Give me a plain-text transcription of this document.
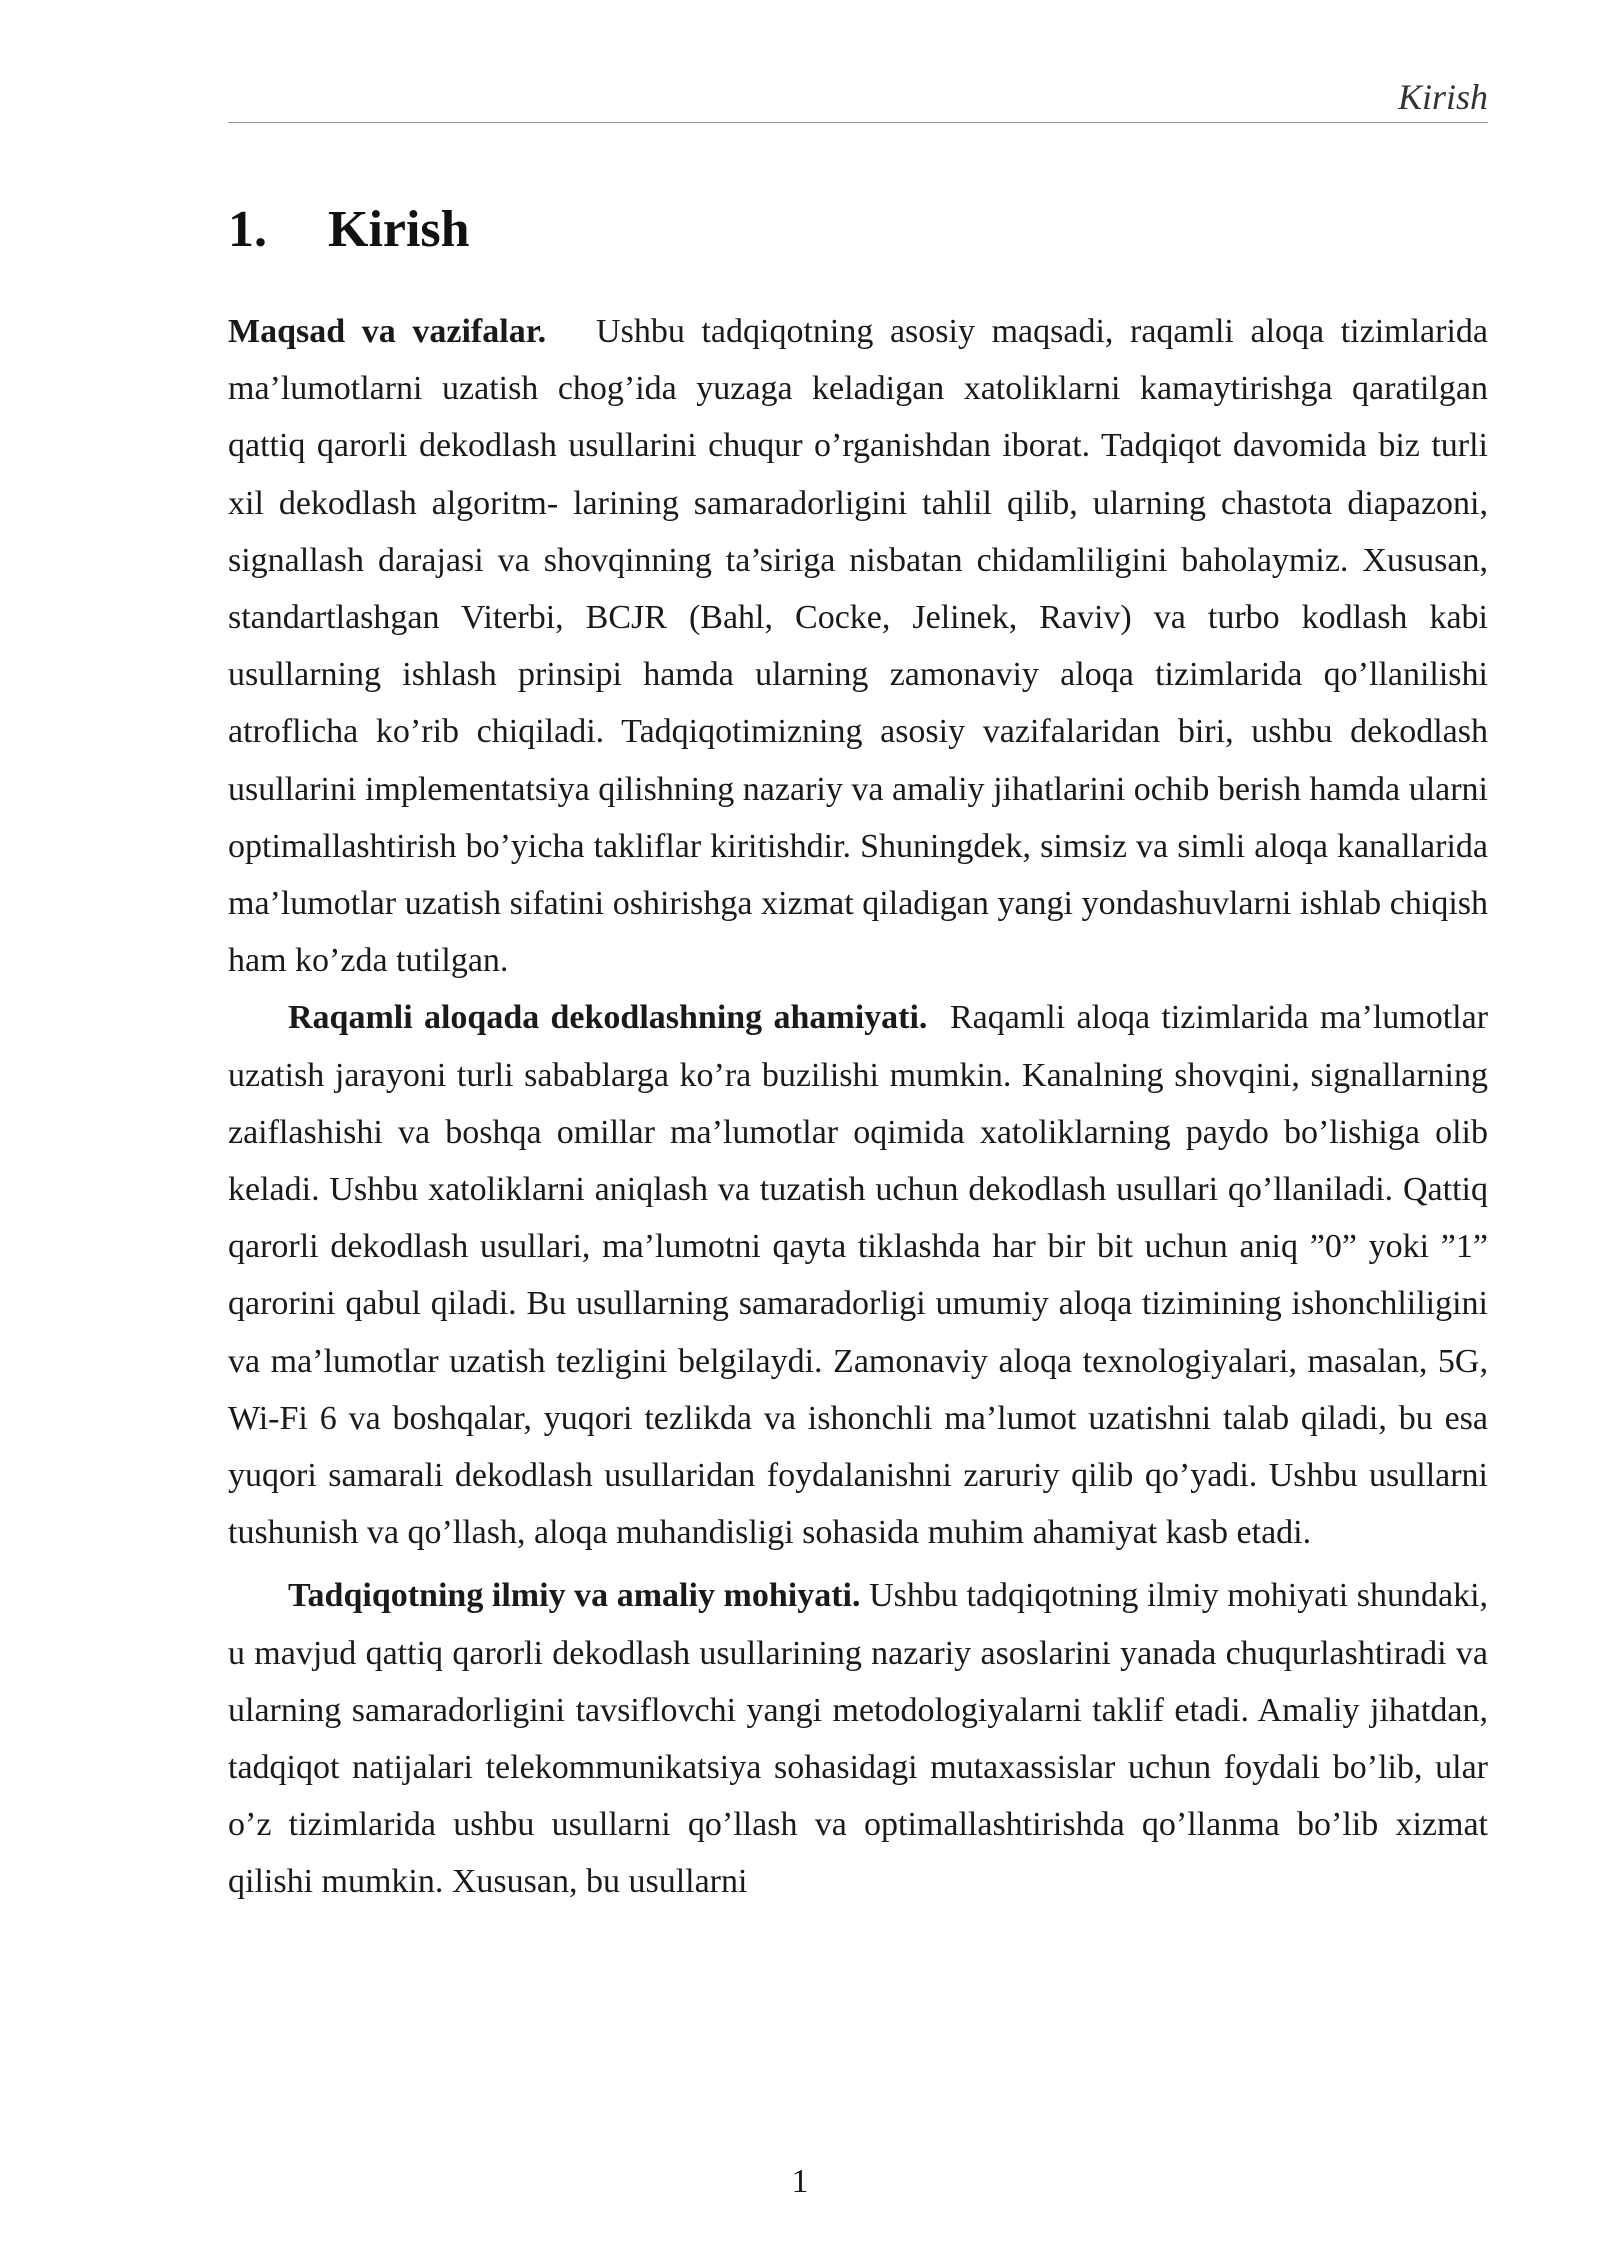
Kirish
1. Kirish

Maqsad va vazifalar. Ushbu tadqiqotning asosiy maqsadi, raqamli aloqa tizimlarida ma’lumotlarni uzatish chog’ida yuzaga keladigan xatoliklarni kamaytirishga qaratilgan qattiq qarorli dekodlash usullarini chuqur o’rganishdan iborat. Tadqiqot davomida biz turli xil dekodlash algoritm- larining samaradorligini tahlil qilib, ularning chastota diapazoni, signallash darajasi va shovqinning ta’siriga nisbatan chidamliligini baholaymiz. Xususan, standartlashgan Viterbi, BCJR (Bahl, Cocke, Jelinek, Raviv) va turbo kodlash kabi usullarning ishlash prinsipi hamda ularning zamonaviy aloqa tizimlarida qo’llanilishi atroflicha ko’rib chiqiladi. Tadqiqotimizning asosiy vazifalaridan biri, ushbu dekodlash usullarini implementatsiya qilishning nazariy va amaliy jihatlarini ochib berish hamda ularni optimallashtirish bo’yicha takliflar kiritishdir. Shuningdek, simsiz va simli aloqa kanallarida ma’lumotlar uzatish sifatini oshirishga xizmat qiladigan yangi yondashuvlarni ishlab chiqish ham ko’zda tutilgan.

Raqamli aloqada dekodlashning ahamiyati. Raqamli aloqa tizimlarida ma’lumotlar uzatish jarayoni turli sabablarga ko’ra buzilishi mumkin. Kanalning shovqini, signallarning zaiflashishi va boshqa omillar ma’lumotlar oqimida xatoliklarning paydo bo’lishiga olib keladi. Ushbu xatoliklarni aniqlash va tuzatish uchun dekodlash usullari qo’llaniladi. Qattiq qarorli dekodlash usullari, ma’lumotni qayta tiklashda har bir bit uchun aniq ”0” yoki ”1” qarorini qabul qiladi. Bu usullarning samaradorligi umumiy aloqa tizimining ishonchliligini va ma’lumotlar uzatish tezligini belgilaydi. Zamonaviy aloqa texnologiyalari, masalan, 5G, Wi-Fi 6 va boshqalar, yuqori tezlikda va ishonchli ma’lumot uzatishni talab qiladi, bu esa yuqori samarali dekodlash usullaridan foydalanishni zaruriy qilib qo’yadi. Ushbu usullarni tushunish va qo’llash, aloqa muhandisligi sohasida muhim ahamiyat kasb etadi.

Tadqiqotning ilmiy va amaliy mohiyati. Ushbu tadqiqotning ilmiy mohiyati shundaki, u mavjud qattiq qarorli dekodlash usullarining nazariy asoslarini yanada chuqurlashtiradi va ularning samaradorligini tavsiflovchi yangi metodologiyalarni taklif etadi. Amaliy jihatdan, tadqiqot natijalari telekommunikatsiya sohasidagi mutaxassislar uchun foydali bo’lib, ular o’z tizimlarida ushbu usullarni qo’llash va optimallashtirishda qo’llanma bo’lib xizmat qilishi mumkin. Xususan, bu usullarni

1
